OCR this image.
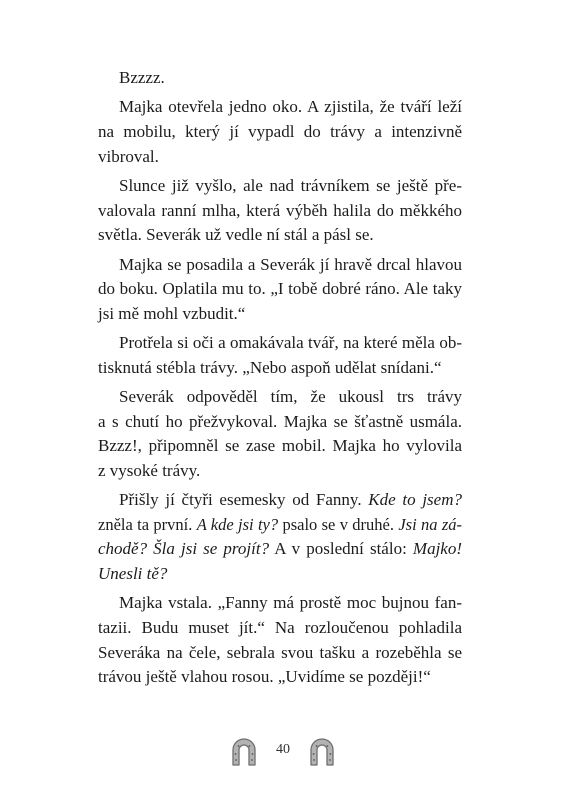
Bzzzz.
Majka otevřela jedno oko. A zjistila, že tváří leží
na mobilu, který jí vypadl do trávy a intenzivně
vibroval.
Slunce již vyšlo, ale nad trávníkem se ještě pře-
valovala ranní mlha, která výběh halila do měkkého
světla. Severák už vedle ní stál a pásl se.
Majka se posadila a Severák jí hravě drcal hlavou
do boku. Oplatila mu to. „I tobě dobré ráno. Ale taky
jsi mě mohl vzbudit.“
Protřela si oči a omakávala tvář, na které měla ob-
tisknutá stébla trávy. „Nebo aspoň udělat snídani.“
Severák odpověděl tím, že ukousl trs trávy
a s chutí ho přežvykoval. Majka se šťastně usmála.
Bzzz!, připomněl se zase mobil. Majka ho vylovila
z vysoké trávy.
Přišly jí čtyři esemesky od Fanny. Kde to jsem?
zněla ta první. A kde jsi ty? psalo se v druhé. Jsi na zá-
chodě? Šla jsi se projít? A v poslední stálo: Majko!
Unesli tě?
Majka vstala. „Fanny má prostě moc bujnou fan-
tazii. Budu muset jít.“ Na rozloučenou pohladila
Severáka na čele, sebrala svou tašku a rozeběhla se
trávou ještě vlahou rosou. „Uvidíme se později!“
40
